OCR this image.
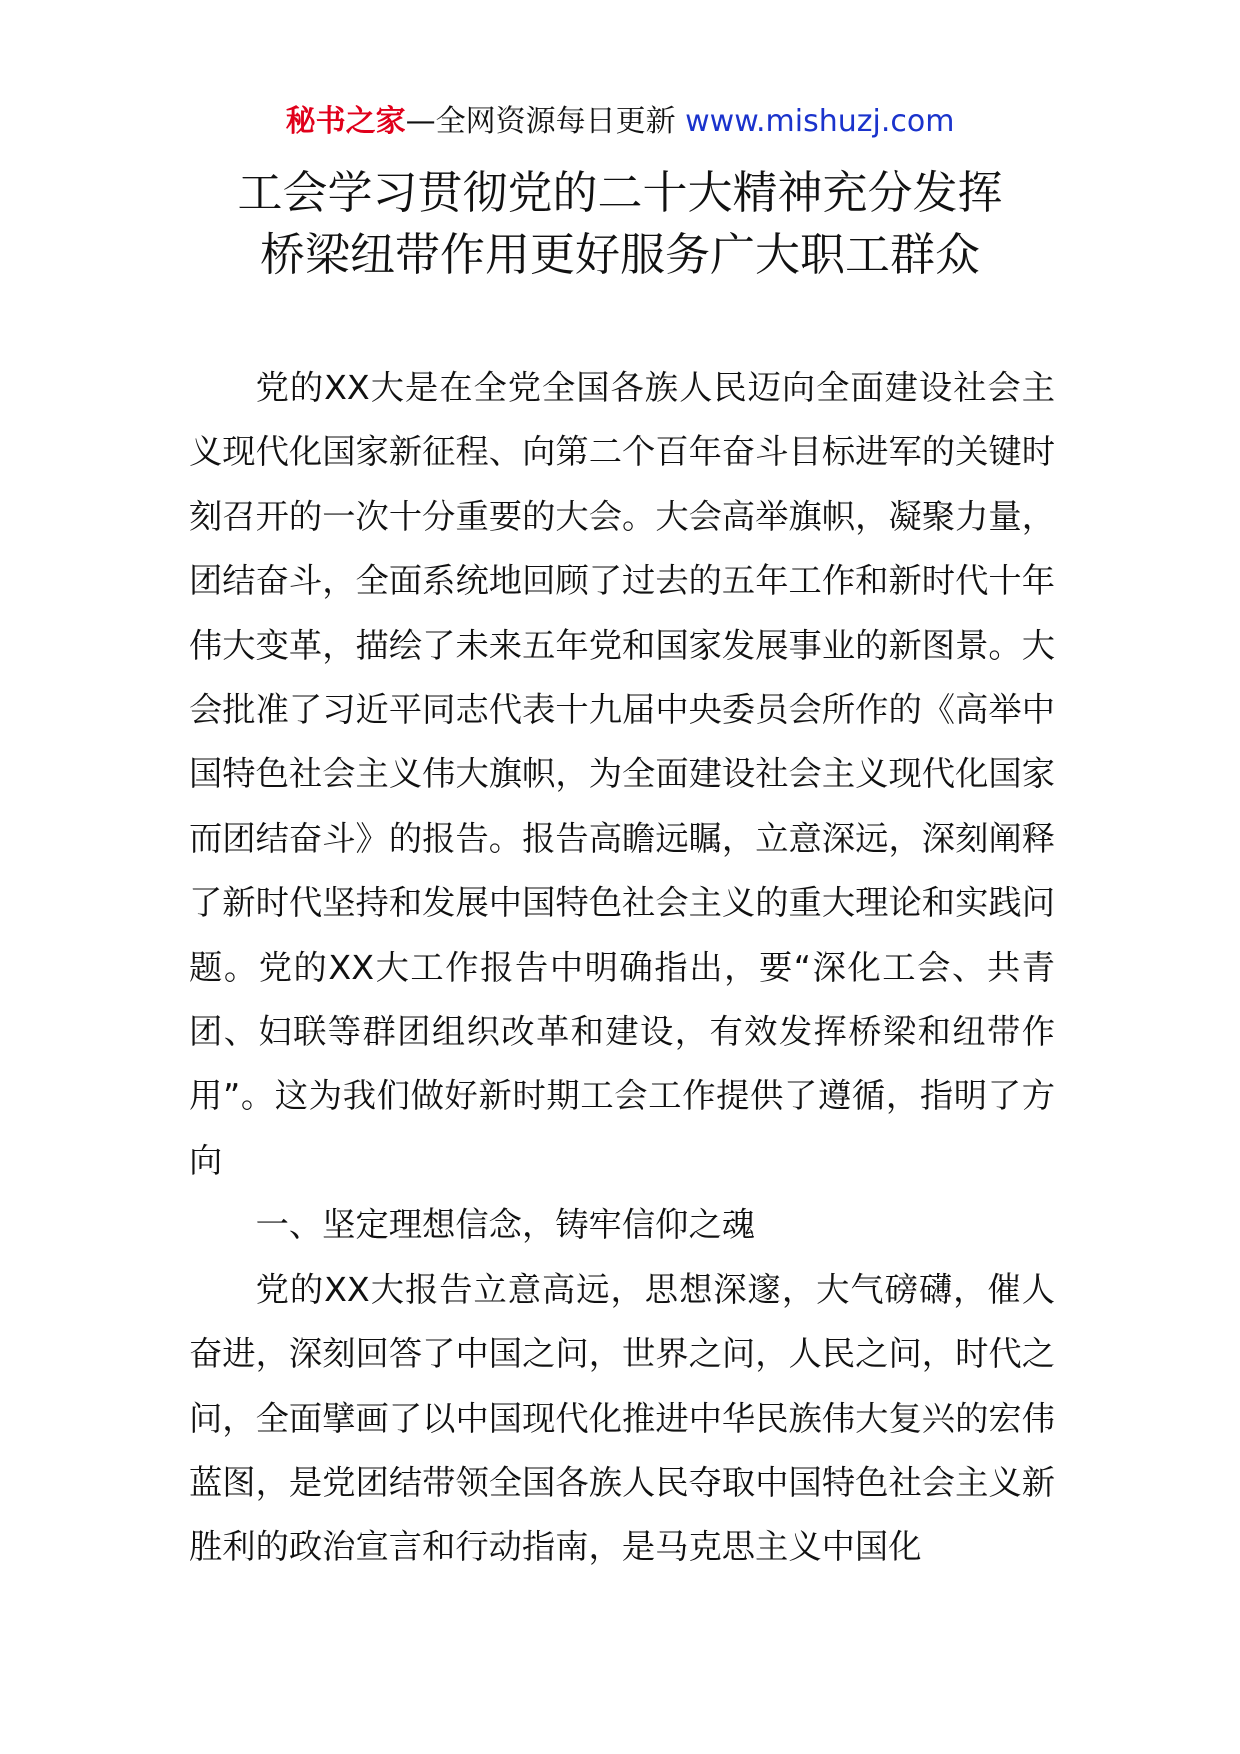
秘书之家—全网资源每日更新 www.mishuzj.com
工会学习贯彻党的二十大精神充分发挥
桥梁纽带作用更好服务广大职工群众

党的XX大是在全党全国各族人民迈向全面建设社会主义现代化国家新征程、向第二个百年奋斗目标进军的关键时刻召开的一次十分重要的大会。大会高举旗帜，凝聚力量，团结奋斗，全面系统地回顾了过去的五年工作和新时代十年伟大变革，描绘了未来五年党和国家发展事业的新图景。大会批准了习近平同志代表十九届中央委员会所作的《高举中国特色社会主义伟大旗帜，为全面建设社会主义现代化国家而团结奋斗》的报告。报告高瞻远瞩，立意深远，深刻阐释了新时代坚持和发展中国特色社会主义的重大理论和实践问题。党的XX大工作报告中明确指出，要“深化工会、共青团、妇联等群团组织改革和建设，有效发挥桥梁和纽带作用”。这为我们做好新时期工会工作提供了遵循，指明了方向

一、坚定理想信念，铸牢信仰之魂

党的XX大报告立意高远，思想深邃，大气磅礴，催人奋进，深刻回答了中国之问，世界之问，人民之问，时代之问，全面擘画了以中国现代化推进中华民族伟大复兴的宏伟蓝图，是党团结带领全国各族人民夺取中国特色社会主义新胜利的政治宣言和行动指南，是马克思主义中国化
